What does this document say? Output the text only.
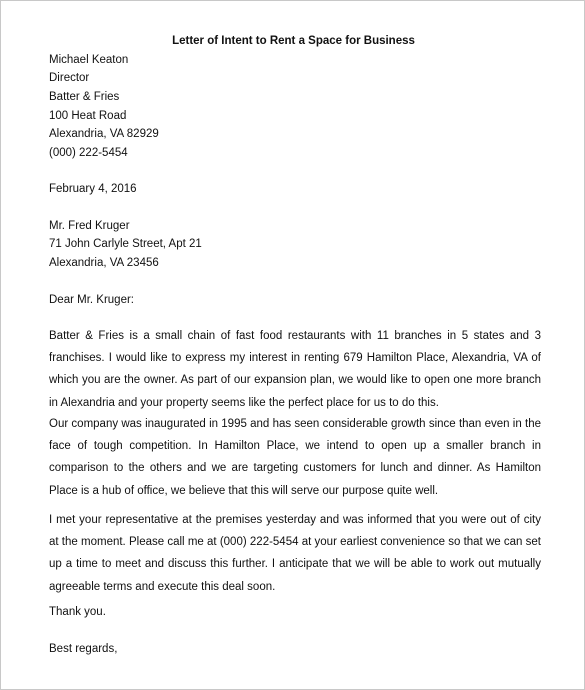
Letter of Intent to Rent a Space for Business
Michael Keaton
Director
Batter & Fries
100 Heat Road
Alexandria, VA 82929
(000) 222-5454
February 4, 2016
Mr. Fred Kruger
71 John Carlyle Street, Apt 21
Alexandria, VA 23456
Dear Mr. Kruger:

Batter & Fries is a small chain of fast food restaurants with 11 branches in 5 states and 3 franchises. I would like to express my interest in renting 679 Hamilton Place, Alexandria, VA of which you are the owner. As part of our expansion plan, we would like to open one more branch in Alexandria and your property seems like the perfect place for us to do this.

Our company was inaugurated in 1995 and has seen considerable growth since than even in the face of tough competition. In Hamilton Place, we intend to open up a smaller branch in comparison to the others and we are targeting customers for lunch and dinner. As Hamilton Place is a hub of office, we believe that this will serve our purpose quite well.

I met your representative at the premises yesterday and was informed that you were out of city at the moment. Please call me at (000) 222-5454 at your earliest convenience so that we can set up a time to meet and discuss this further. I anticipate that we will be able to work out mutually agreeable terms and execute this deal soon.

Thank you.
Best regards,
